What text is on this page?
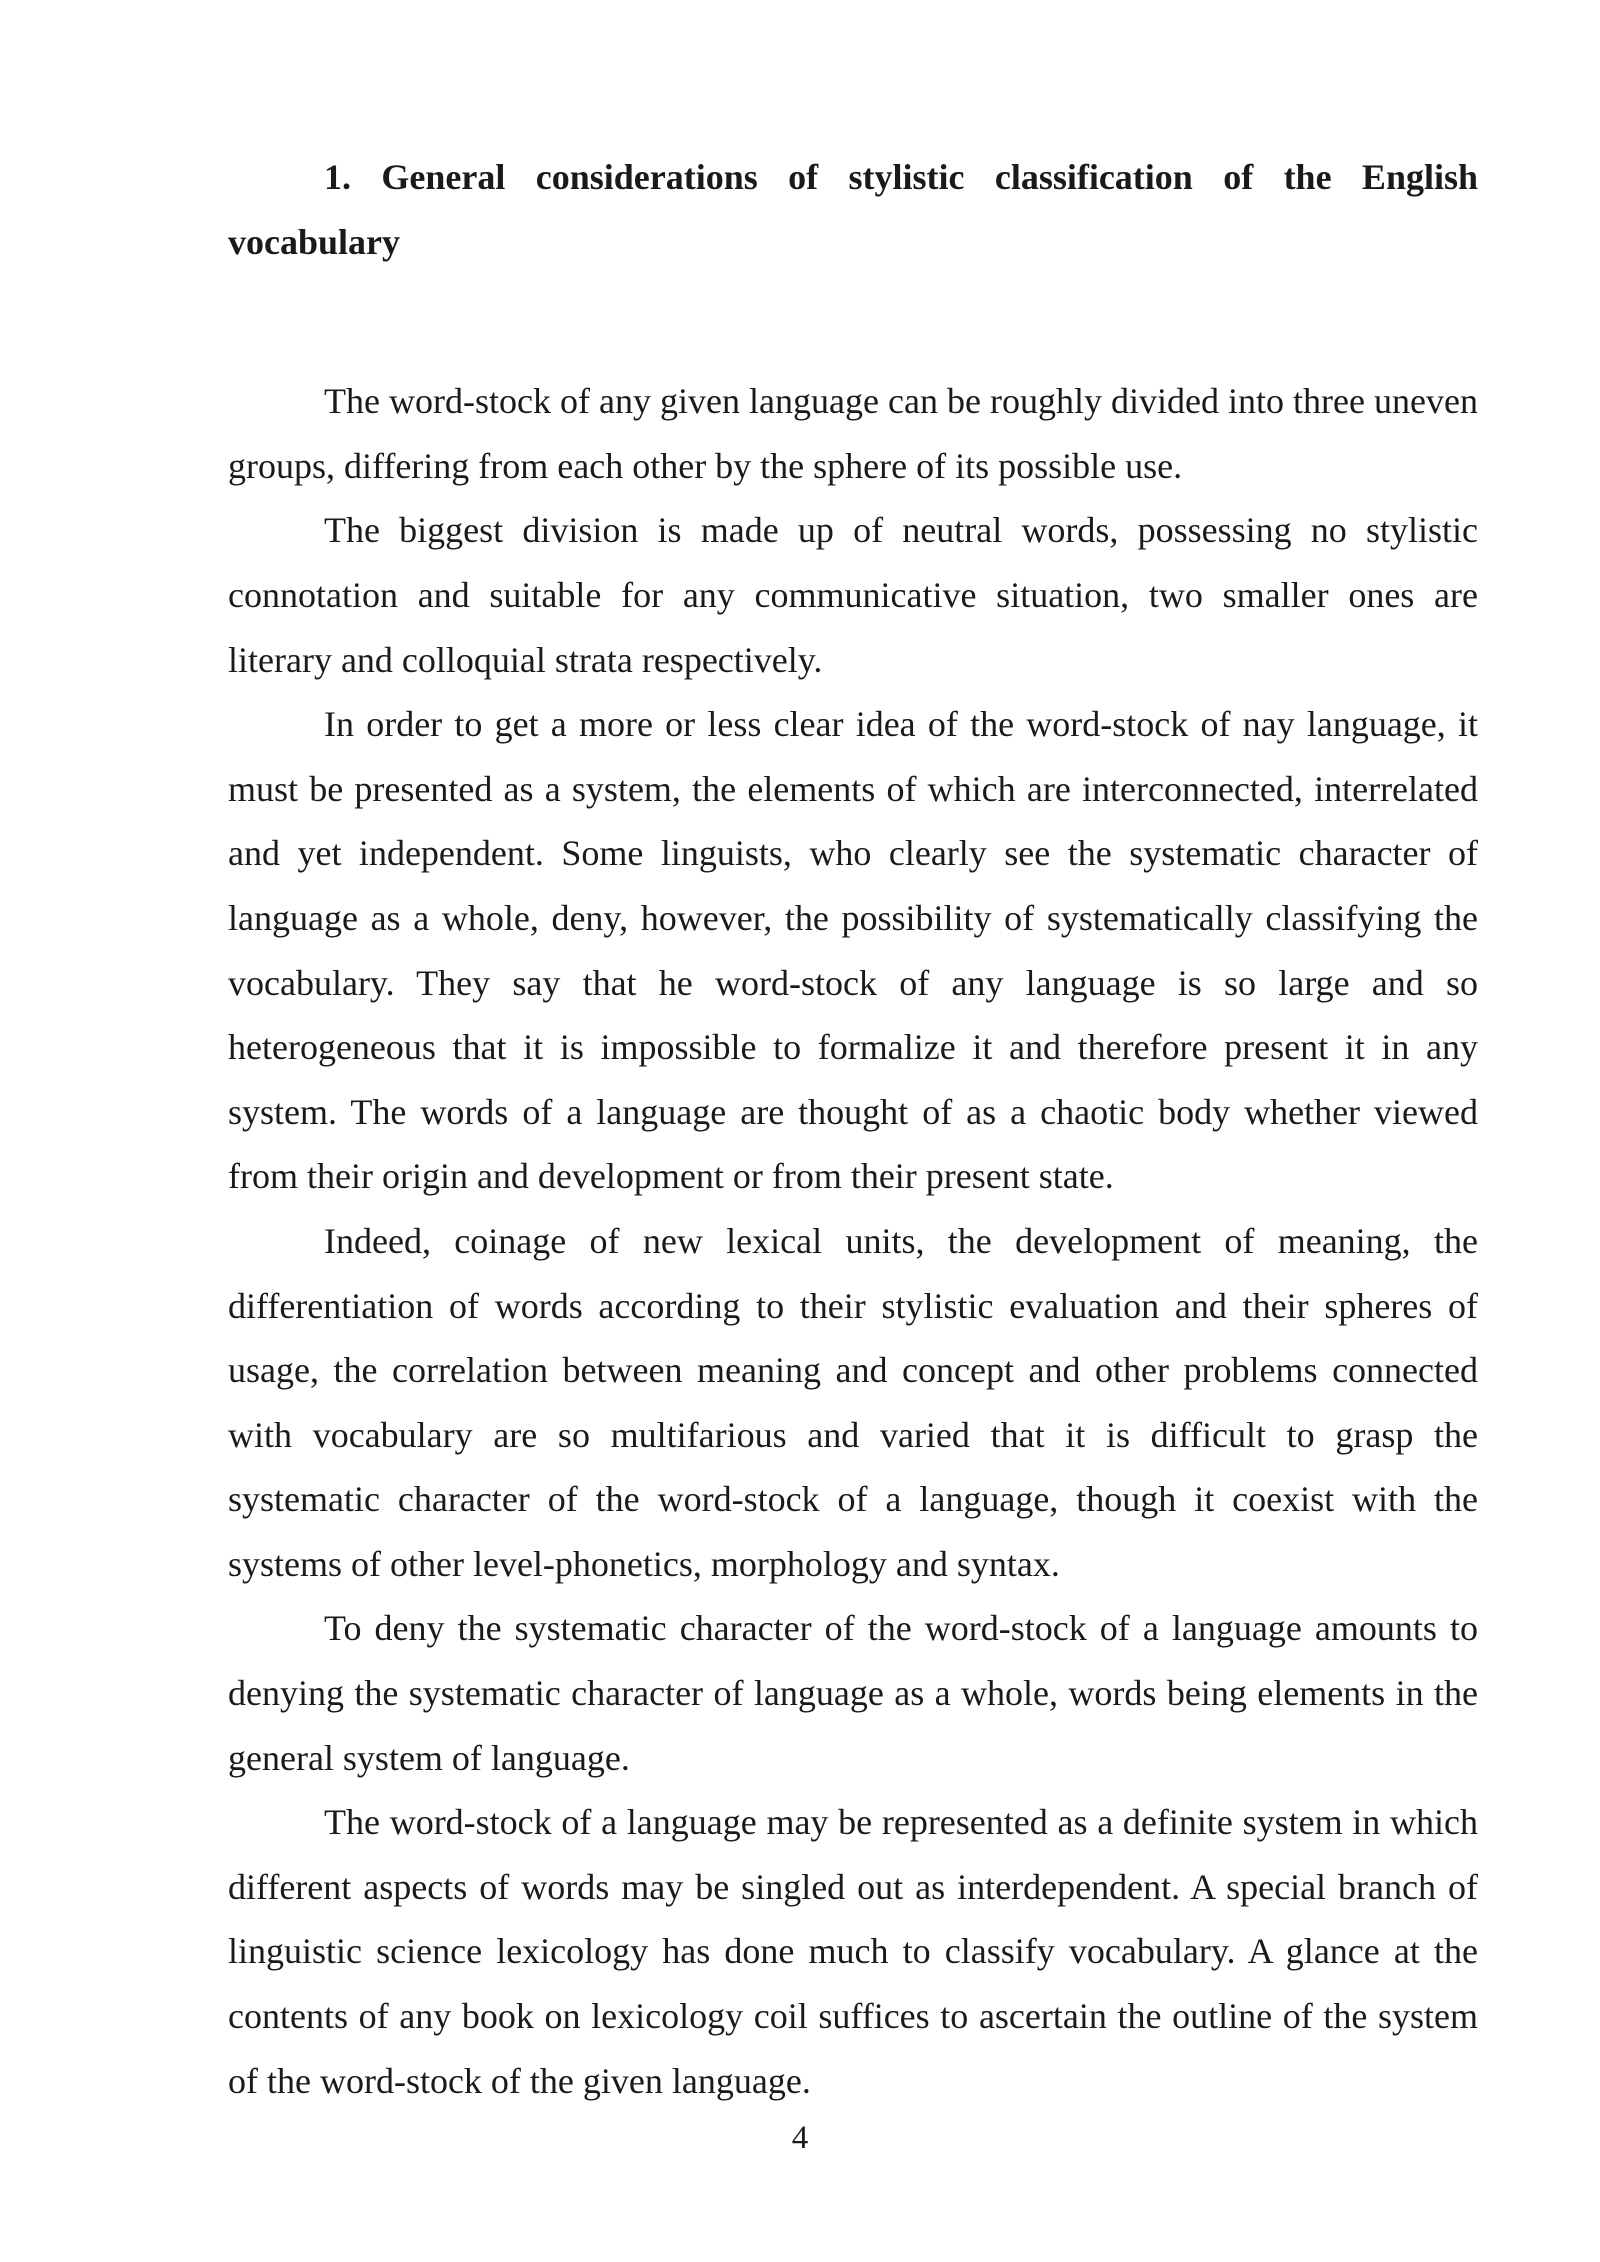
1. General considerations of stylistic classification of the English vocabulary

The word-stock of any given language can be roughly divided into three uneven groups, differing from each other by the sphere of its possible use.

The biggest division is made up of neutral words, possessing no stylistic connotation and suitable for any communicative situation, two smaller ones are literary and colloquial strata respectively.

In order to get a more or less clear idea of the word-stock of nay language, it must be presented as a system, the elements of which are interconnected, interrelated and yet independent. Some linguists, who clearly see the systematic character of language as a whole, deny, however, the possibility of systematically classifying the vocabulary. They say that he word-stock of any language is so large and so heterogeneous that it is impossible to formalize it and therefore present it in any system. The words of a language are thought of as a chaotic body whether viewed from their origin and development or from their present state.

Indeed, coinage of new lexical units, the development of meaning, the differentiation of words according to their stylistic evaluation and their spheres of usage, the correlation between meaning and concept and other problems connected with vocabulary are so multifarious and varied that it is difficult to grasp the systematic character of the word-stock of a language, though it coexist with the systems of other level-phonetics, morphology and syntax.

To deny the systematic character of the word-stock of a language amounts to denying the systematic character of language as a whole, words being elements in the general system of language.

The word-stock of a language may be represented as a definite system in which different aspects of words may be singled out as interdependent. A special branch of linguistic science lexicology has done much to classify vocabulary. A glance at the contents of any book on lexicology coil suffices to ascertain the outline of the system of the word-stock of the given language.

4
